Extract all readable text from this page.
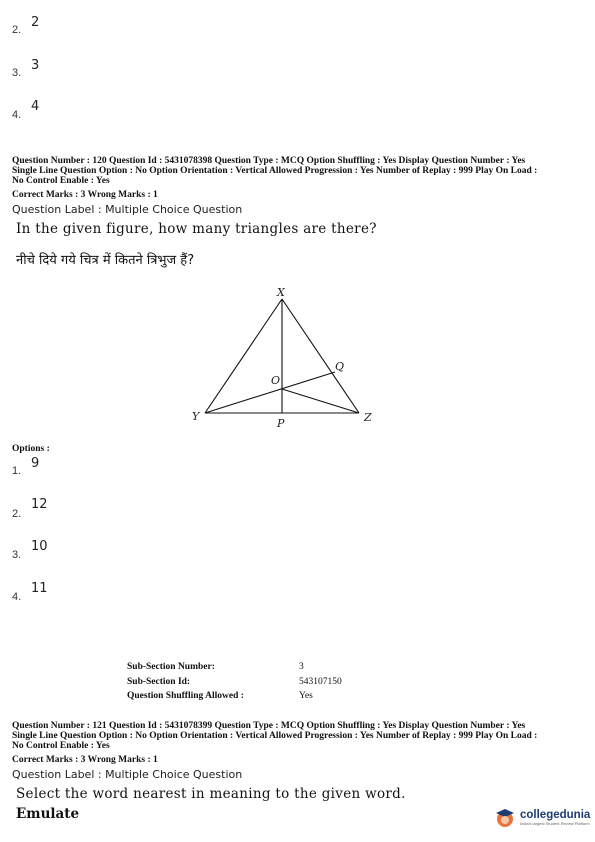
2. 2
3. 3
4.
4
Question Number : 120 Question Id : 5431078398 Question Type : MCQ Option Shuffling : Yes Display Question Number : Yes
Single Line Question Option : No Option Orientation : Vertical Allowed Progression : Yes Number of Replay : 999 Play On Load :
No Control Enable : Yes
Correct Marks : 3 Wrong Marks : 1
Question Label : Multiple Choice Question
In the given figure, how many triangles are there?
नीचे दिये गये चित्र में कितने त्रिभुज हैं?
X
Y	Z
P
O
Q
Options :
1. 9
2.
12
3.
10
4.
11
Sub-Section Number:	3
Sub-Section Id:	543107150
Question Shuffling Allowed :	Yes
Question Number : 121 Question Id : 5431078399 Question Type : MCQ Option Shuffling : Yes Display Question Number : Yes
Single Line Question Option : No Option Orientation : Vertical Allowed Progression : Yes Number of Replay : 999 Play On Load :
No Control Enable : Yes
Correct Marks : 3 Wrong Marks : 1
Question Label : Multiple Choice Question
Select the word nearest in meaning to the given word.
Emulate	collegedunia
India's largest Student Review Platform
